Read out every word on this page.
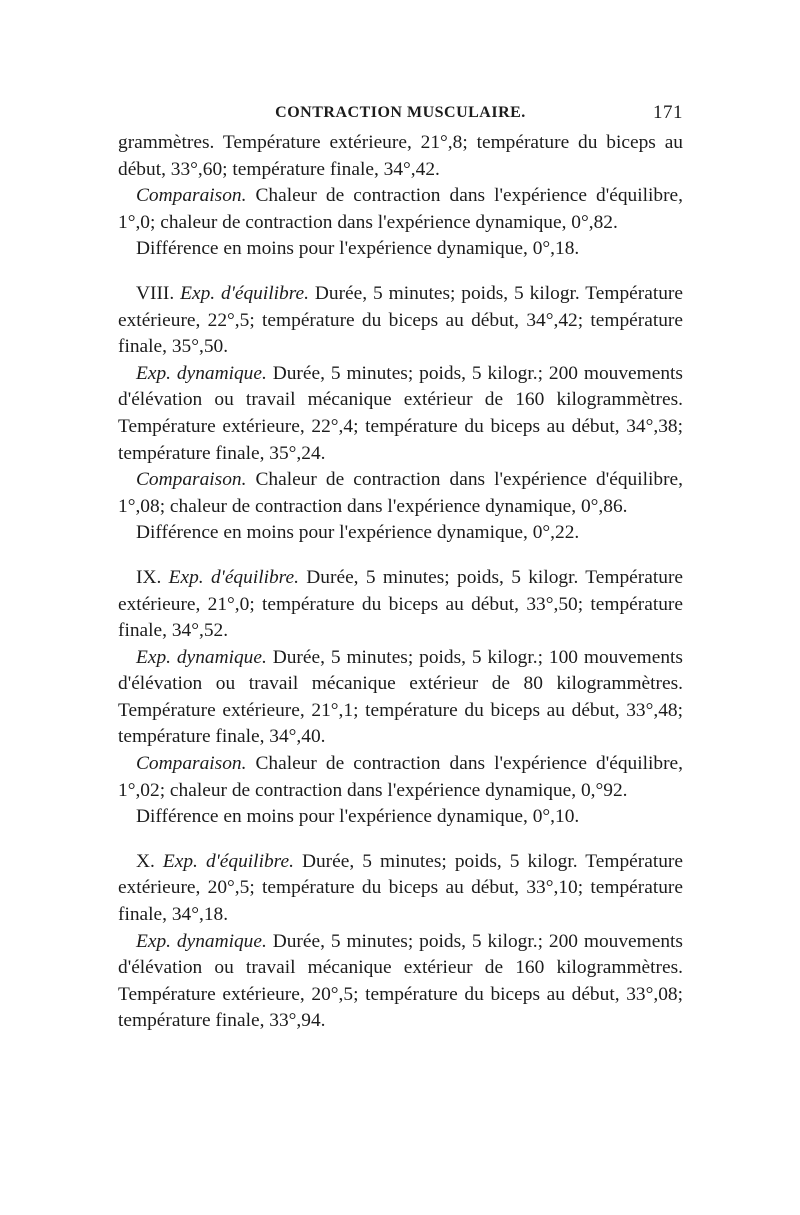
CONTRACTION MUSCULAIRE.	171

grammètres. Température extérieure, 21°,8; température du biceps au début, 33°,60; température finale, 34°,42.

Comparaison. Chaleur de contraction dans l'expérience d'équilibre, 1°,0; chaleur de contraction dans l'expérience dynamique, 0°,82.

Différence en moins pour l'expérience dynamique, 0°,18.

VIII. Exp. d'équilibre. Durée, 5 minutes; poids, 5 kilogr. Température extérieure, 22°,5; température du biceps au début, 34°,42; température finale, 35°,50.

Exp. dynamique. Durée, 5 minutes; poids, 5 kilogr.; 200 mouvements d'élévation ou travail mécanique extérieur de 160 kilogrammètres. Température extérieure, 22°,4; température du biceps au début, 34°,38; température finale, 35°,24.

Comparaison. Chaleur de contraction dans l'expérience d'équilibre, 1°,08; chaleur de contraction dans l'expérience dynamique, 0°,86.

Différence en moins pour l'expérience dynamique, 0°,22.

IX. Exp. d'équilibre. Durée, 5 minutes; poids, 5 kilogr. Température extérieure, 21°,0; température du biceps au début, 33°,50; température finale, 34°,52.

Exp. dynamique. Durée, 5 minutes; poids, 5 kilogr.; 100 mouvements d'élévation ou travail mécanique extérieur de 80 kilogrammètres. Température extérieure, 21°,1; température du biceps au début, 33°,48; température finale, 34°,40.

Comparaison. Chaleur de contraction dans l'expérience d'équilibre, 1°,02; chaleur de contraction dans l'expérience dynamique, 0,°92.

Différence en moins pour l'expérience dynamique, 0°,10.

X. Exp. d'équilibre. Durée, 5 minutes; poids, 5 kilogr. Température extérieure, 20°,5; température du biceps au début, 33°,10; température finale, 34°,18.

Exp. dynamique. Durée, 5 minutes; poids, 5 kilogr.; 200 mouvements d'élévation ou travail mécanique extérieur de 160 kilogrammètres. Température extérieure, 20°,5; température du biceps au début, 33°,08; température finale, 33°,94.
